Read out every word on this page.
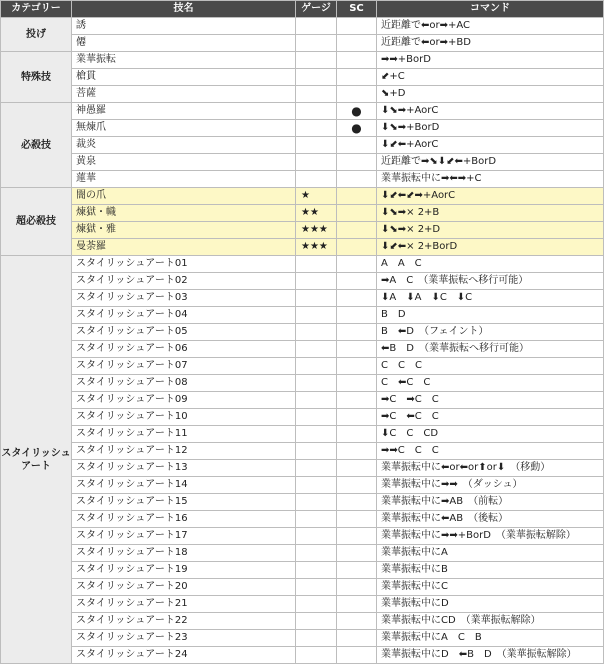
カテゴリー	技名	ゲージ	SC	コマンド
投げ	誘			近距離で⬅or➡+AC
	僊			近距離で⬅or➡+BD
特殊技	業華振転			➡➡+BorD
	槍貫			⬋+C
	菩薩			⬊+D
必殺技	神愚羅		●	⬇⬊➡+AorC
	無煉爪		●	⬇⬊➡+BorD
	裁炎			⬇⬋⬅+AorC
	黄泉			近距離で➡⬊⬇⬋⬅+BorD
	蓮華			業華振転中に➡⬅➡+C
超必殺技	闇の爪	★		⬇⬋⬅⬋➡+AorC
	煉獄・幟	★★		⬇⬊➡× 2+B
	煉獄・雅	★★★		⬇⬊➡× 2+D
	曼荼羅	★★★		⬇⬋⬅× 2+BorD
スタイリッシュアート	スタイリッシュアート01			A　A　C
	スタイリッシュアート02			➡A　C　（業華振転へ移行可能）
	スタイリッシュアート03			⬇A　⬇A　⬇C　⬇C
	スタイリッシュアート04			B　D
	スタイリッシュアート05			B　⬅D　（フェイント）
	スタイリッシュアート06			⬅B　D　（業華振転へ移行可能）
	スタイリッシュアート07			C　C　C
	スタイリッシュアート08			C　⬅C　C
	スタイリッシュアート09			➡C　➡C　C
	スタイリッシュアート10			➡C　⬅C　C
	スタイリッシュアート11			⬇C　C　CD
	スタイリッシュアート12			➡➡C　C　C
	スタイリッシュアート13			業華振転中に⬅or⬅or⬆or⬇　（移動）
	スタイリッシュアート14			業華振転中に➡➡　（ダッシュ）
	スタイリッシュアート15			業華振転中に➡AB　（前転）
	スタイリッシュアート16			業華振転中に⬅AB　（後転）
	スタイリッシュアート17			業華振転中に➡➡+BorD　（業華振転解除）
	スタイリッシュアート18			業華振転中にA
	スタイリッシュアート19			業華振転中にB
	スタイリッシュアート20			業華振転中にC
	スタイリッシュアート21			業華振転中にD
	スタイリッシュアート22			業華振転中にCD　（業華振転解除）
	スタイリッシュアート23			業華振転中にA　C　B
	スタイリッシュアート24			業華振転中にD　⬅B　D　（業華振転解除）
